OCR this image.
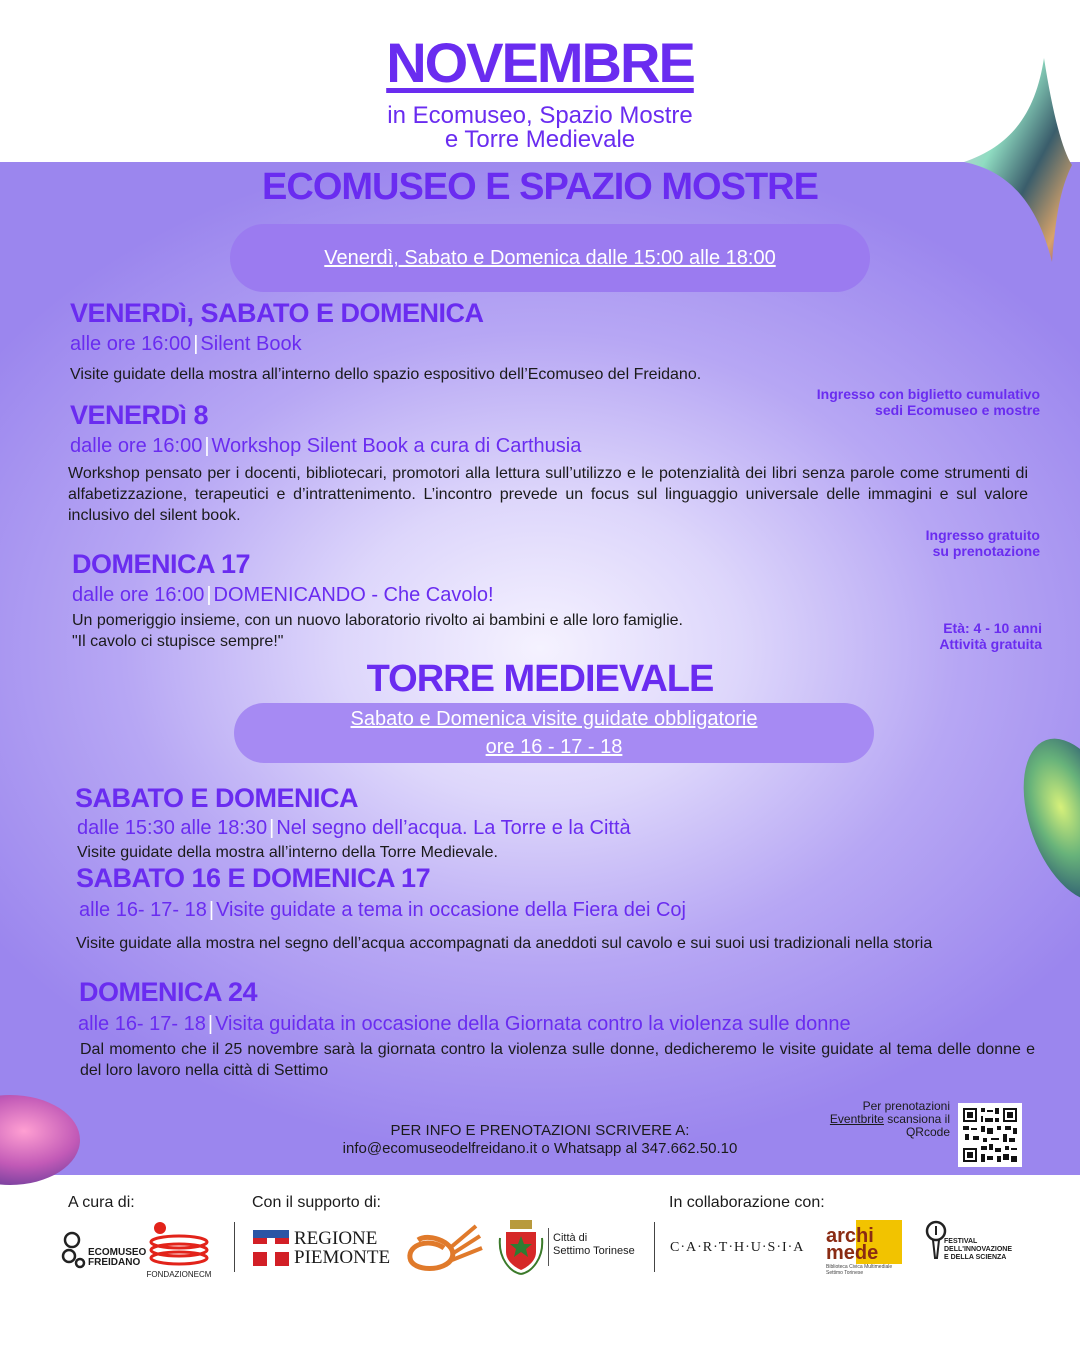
NOVEMBRE
in Ecomuseo, Spazio Mostre
e Torre Medievale
ECOMUSEO E SPAZIO MOSTRE
Venerdì, Sabato e Domenica dalle 15:00 alle 18:00
VENERDì, SABATO E DOMENICA
alle ore 16:00 | Silent Book
Visite guidate della mostra all’interno dello spazio espositivo dell’Ecomuseo del Freidano.
Ingresso con biglietto cumulativo
sedi Ecomuseo e mostre
VENERDì 8
dalle ore 16:00 | Workshop Silent Book a cura di Carthusia
Workshop pensato per i docenti, bibliotecari, promotori alla lettura sull’utilizzo e le potenzialità dei libri senza parole come strumenti di alfabetizzazione, terapeutici e d’intrattenimento. L’incontro prevede un focus sul linguaggio universale delle immagini e sul valore inclusivo del silent book.
Ingresso gratuito
su prenotazione
DOMENICA 17
dalle ore 16:00 | DOMENICANDO - Che Cavolo!
Un pomeriggio insieme, con un nuovo laboratorio rivolto ai bambini e alle loro famiglie.
"Il cavolo ci stupisce sempre!"
Età: 4 - 10 anni
Attività gratuita
TORRE MEDIEVALE
Sabato e Domenica visite guidate obbligatorie
ore 16 - 17 - 18
SABATO E DOMENICA
dalle 15:30 alle 18:30 | Nel segno dell’acqua. La Torre e la Città
Visite guidate della mostra all’interno della Torre Medievale.
SABATO 16 E DOMENICA 17
alle 16- 17- 18 | Visite guidate a tema in occasione della Fiera dei Coj
Visite guidate alla mostra nel segno dell’acqua accompagnati da aneddoti sul cavolo e sui suoi usi tradizionali nella storia
DOMENICA 24
alle 16- 17- 18 | Visita guidata in occasione della Giornata contro la violenza sulle donne
Dal momento che il 25 novembre sarà la giornata contro la violenza sulle donne, dedicheremo le visite guidate al tema delle donne e del loro lavoro nella città di Settimo
PER INFO E PRENOTAZIONI SCRIVERE A:
info@ecomuseodelfreidano.it o Whatsapp al 347.662.50.10
Per prenotazioni
Eventbrite scansiona il
QRcode
A cura di:	Con il supporto di:	In collaborazione con:
ECOMUSEO
FREIDANO
FONDAZIONECM
REGIONE
PIEMONTE
Città di
Settimo Torinese	C·A·R·T·H·U·S·I·A
archi
mede
Biblioteca Civica Multimediale
Settimo Torinese
FESTIVAL
DELL'INNOVAZIONE
E DELLA SCIENZA
